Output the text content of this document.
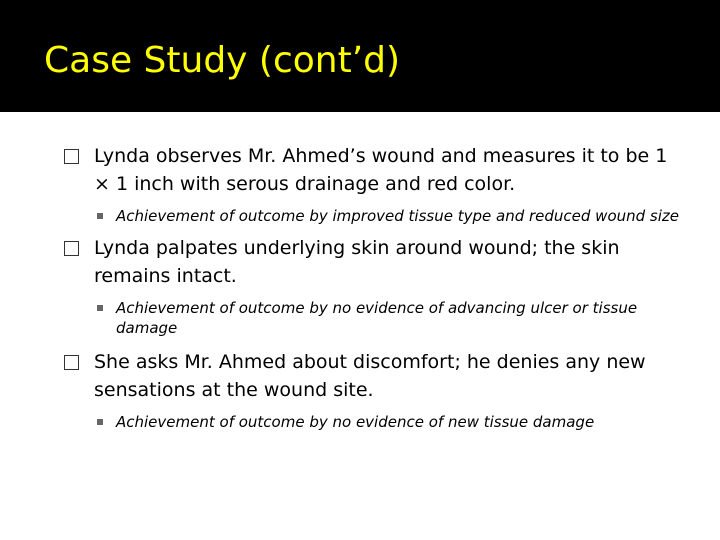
Case Study (cont’d)
Lynda observes Mr. Ahmed’s wound and measures it to be 1 × 1 inch with serous drainage and red color.
Achievement of outcome by improved tissue type and reduced wound size
Lynda palpates underlying skin around wound; the skin remains intact.
Achievement of outcome by no evidence of advancing ulcer or tissue damage
She asks Mr. Ahmed about discomfort; he denies any new sensations at the wound site.
Achievement of outcome by no evidence of new tissue damage
